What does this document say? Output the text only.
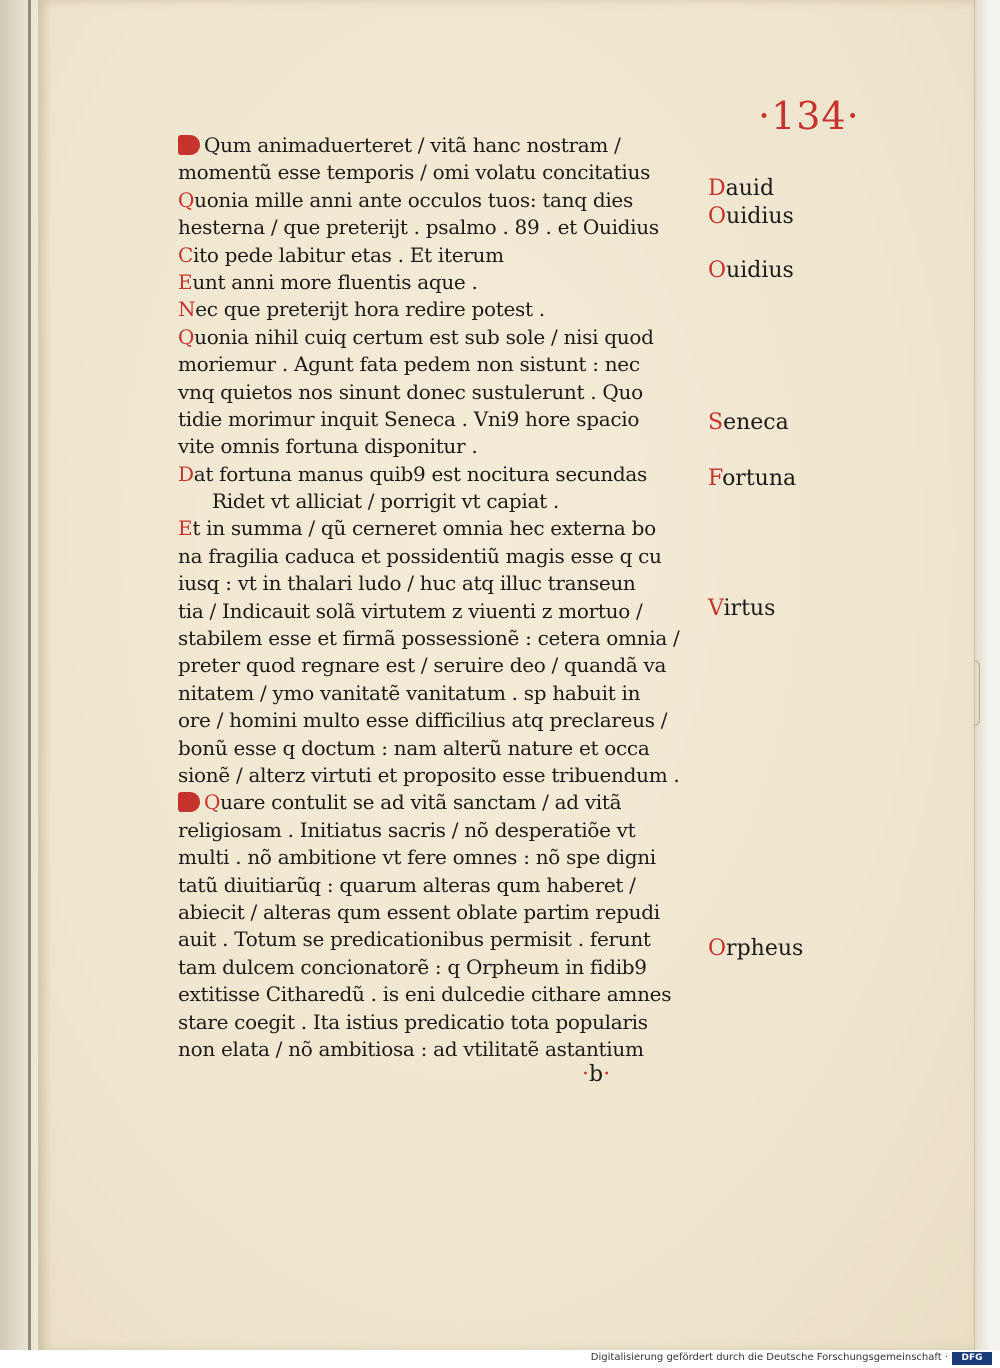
·134·
Qum animaduerteret / vitã hanc nostram /
momentũ esse temporis / omi volatu concitatius
Quonia mille anni ante occulos tuos: tanq dies
hesterna / que preterijt . psalmo . 89 . et Ouidius
Cito pede labitur etas . Et iterum
Eunt anni more fluentis aque .
Nec que preterijt hora redire potest .
Quonia nihil cuiq certum est sub sole / nisi quod
moriemur . Agunt fata pedem non sistunt : nec
vnq quietos nos sinunt donec sustulerunt . Quo
tidie morimur inquit Seneca . Vni9 hore spacio
vite omnis fortuna disponitur .
Dat fortuna manus quib9 est nocitura secundas
Ridet vt alliciat / porrigit vt capiat .
Et in summa / qũ cerneret omnia hec externa bo
na fragilia caduca et possidentiũ magis esse q cu
iusq : vt in thalari ludo / huc atq illuc transeun
tia / Indicauit solã virtutem z viuenti z mortuo /
stabilem esse et firmã possessionẽ : cetera omnia /
preter quod regnare est / seruire deo / quandã va
nitatem / ymo vanitatẽ vanitatum . sp habuit in
ore / homini multo esse difficilius atq preclareus /
bonũ esse q doctum : nam alterũ nature et occa
sionẽ / alterz virtuti et proposito esse tribuendum .
Quare contulit se ad vitã sanctam / ad vitã
religiosam . Initiatus sacris / nõ desperatiõe vt
multi . nõ ambitione vt fere omnes : nõ spe digni
tatũ diuitiarũq : quarum alteras qum haberet /
abiecit / alteras qum essent oblate partim repudi
auit . Totum se predicationibus permisit . ferunt
tam dulcem concionatorẽ : q Orpheum in fidib9
extitisse Citharedũ . is eni dulcedie cithare amnes
stare coegit . Ita istius predicatio tota popularis
non elata / nõ ambitiosa : ad vtilitatẽ astantium
Dauid
Ouidius
Ouidius
Seneca
Fortuna
Virtus
Orpheus
·b·
Digitalisierung gefördert durch die Deutsche Forschungsgemeinschaft ·	DFG
